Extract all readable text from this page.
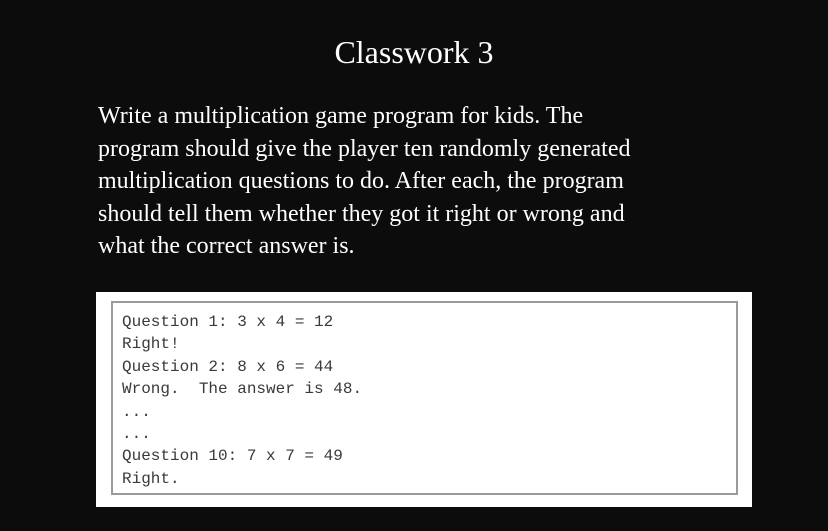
Classwork 3
Write a multiplication game program for kids. The
program should give the player ten randomly generated
multiplication questions to do. After each, the program
should tell them whether they got it right or wrong and
what the correct answer is.
Question 1: 3 x 4 = 12
Right!
Question 2: 8 x 6 = 44
Wrong.  The answer is 48.
...
...
Question 10: 7 x 7 = 49
Right.
